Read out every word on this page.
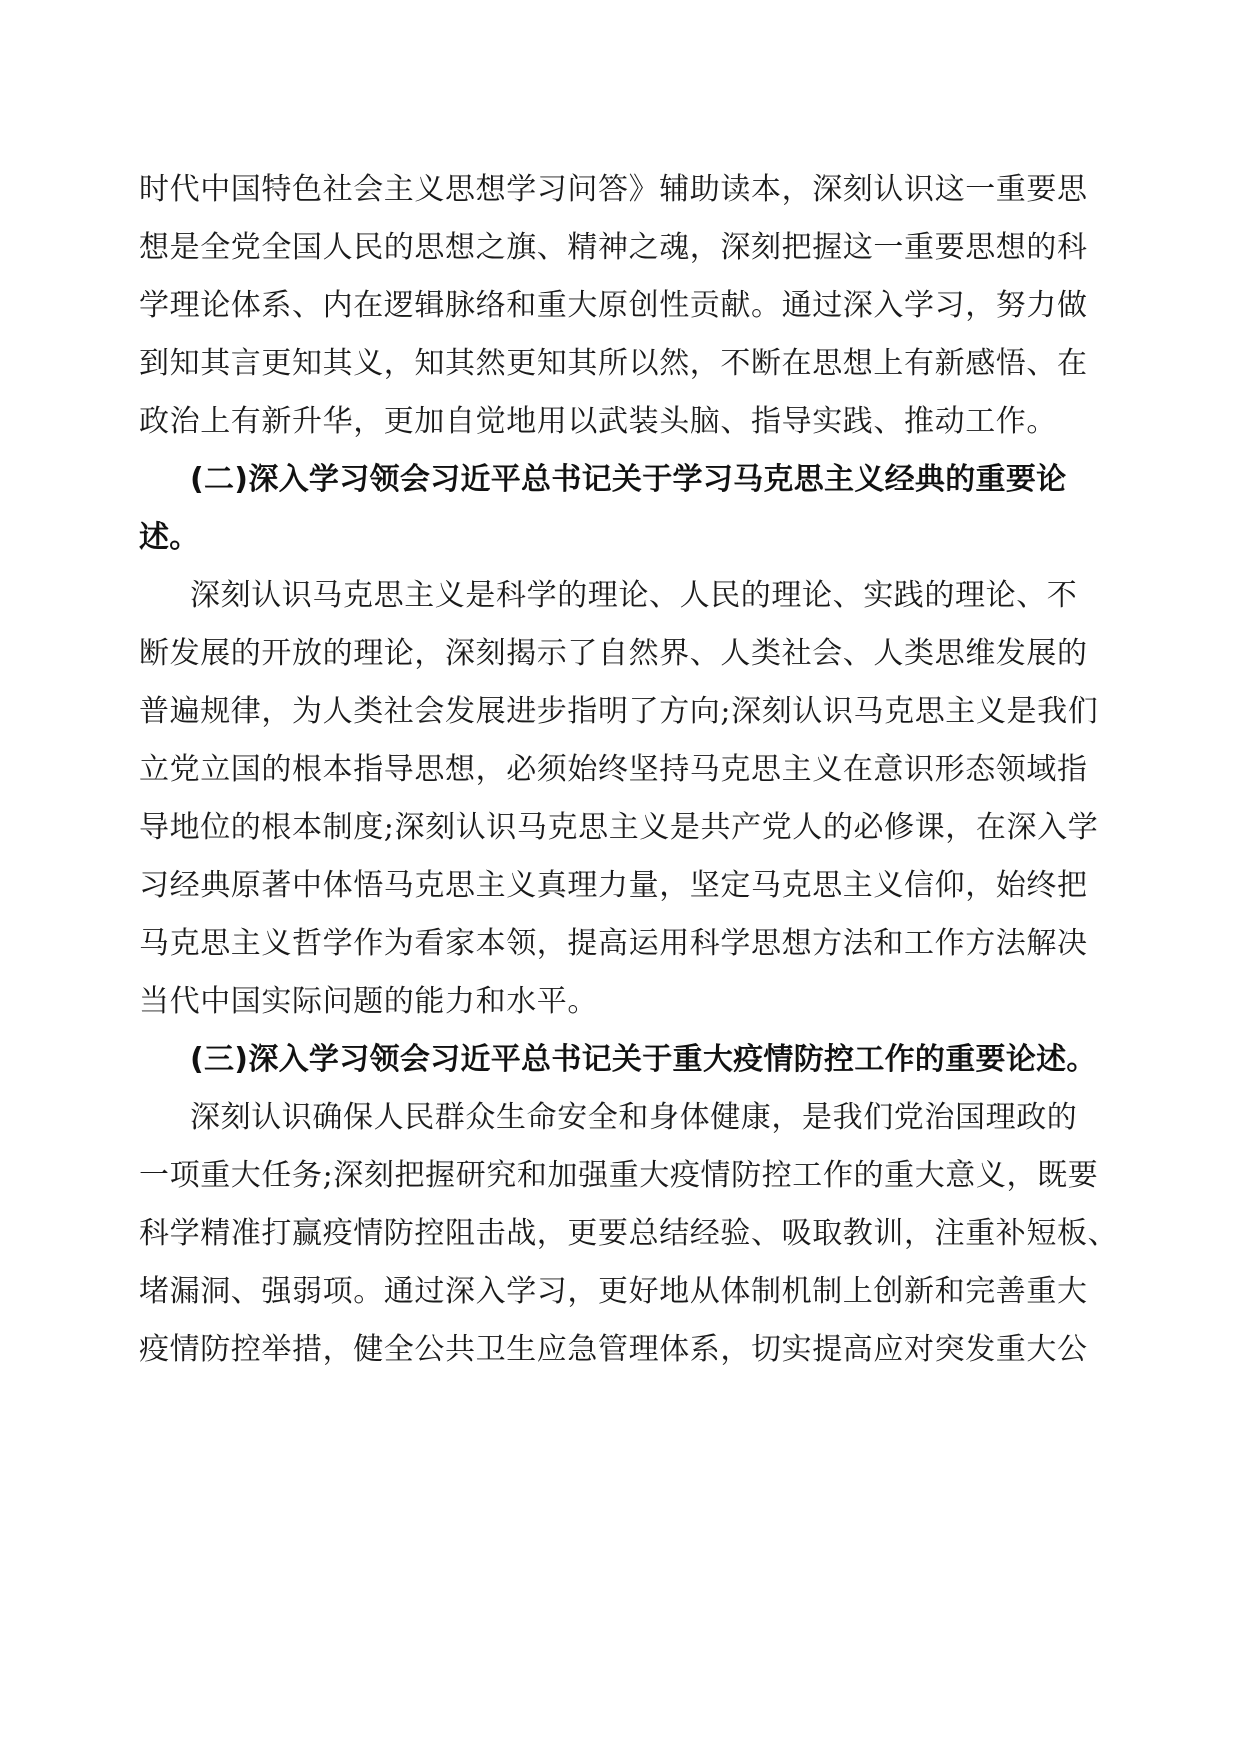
时代中国特色社会主义思想学习问答》辅助读本，深刻认识这一重要思
想是全党全国人民的思想之旗、精神之魂，深刻把握这一重要思想的科
学理论体系、内在逻辑脉络和重大原创性贡献。通过深入学习，努力做
到知其言更知其义，知其然更知其所以然，不断在思想上有新感悟、在
政治上有新升华，更加自觉地用以武装头脑、指导实践、推动工作。
(二)深入学习领会习近平总书记关于学习马克思主义经典的重要论
述。
深刻认识马克思主义是科学的理论、人民的理论、实践的理论、不
断发展的开放的理论，深刻揭示了自然界、人类社会、人类思维发展的
普遍规律，为人类社会发展进步指明了方向;深刻认识马克思主义是我们
立党立国的根本指导思想，必须始终坚持马克思主义在意识形态领域指
导地位的根本制度;深刻认识马克思主义是共产党人的必修课，在深入学
习经典原著中体悟马克思主义真理力量，坚定马克思主义信仰，始终把
马克思主义哲学作为看家本领，提高运用科学思想方法和工作方法解决
当代中国实际问题的能力和水平。
(三)深入学习领会习近平总书记关于重大疫情防控工作的重要论述。
深刻认识确保人民群众生命安全和身体健康，是我们党治国理政的
一项重大任务;深刻把握研究和加强重大疫情防控工作的重大意义，既要
科学精准打赢疫情防控阻击战，更要总结经验、吸取教训，注重补短板、
堵漏洞、强弱项。通过深入学习，更好地从体制机制上创新和完善重大
疫情防控举措，健全公共卫生应急管理体系，切实提高应对突发重大公
